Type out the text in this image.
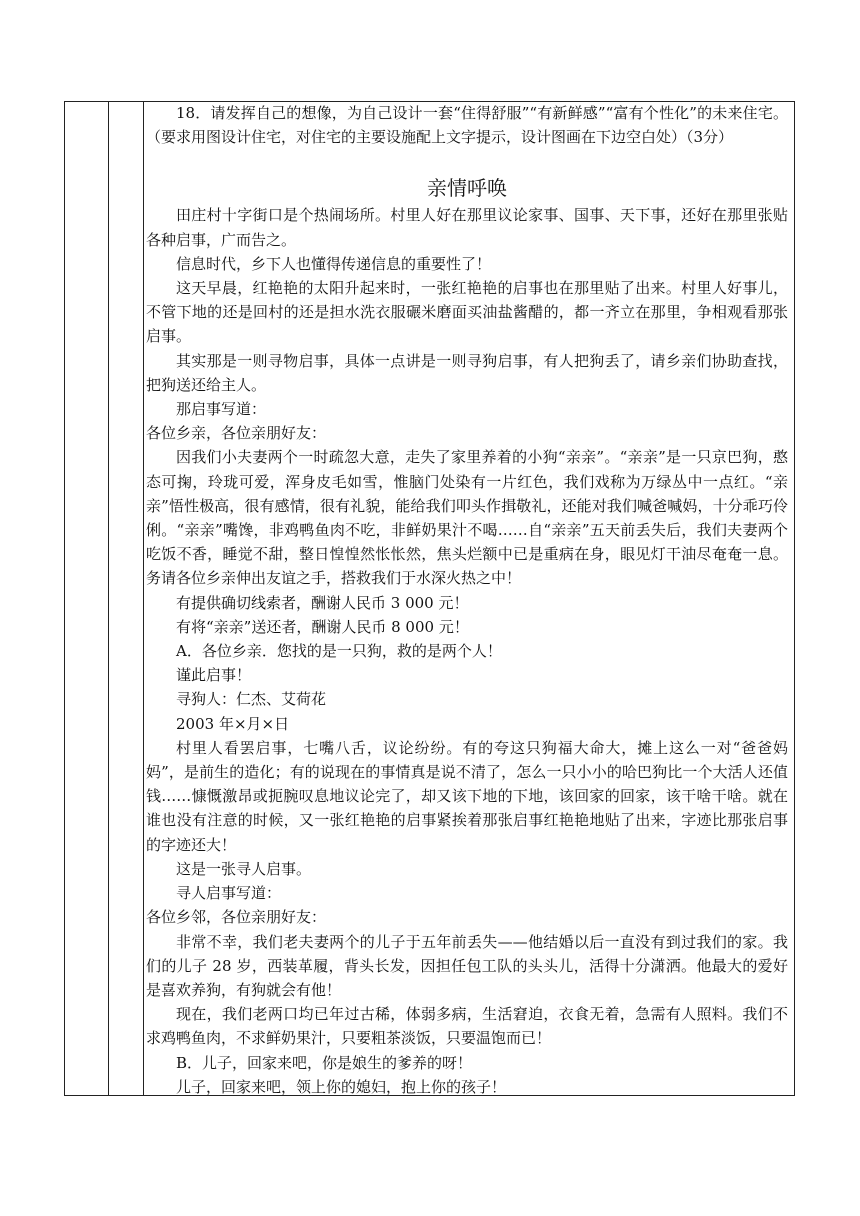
18．请发挥自己的想像，为自己设计一套“住得舒服”“有新鲜感”“富有个性化”的未来住宅。（要求用图设计住宅，对住宅的主要设施配上文字提示，设计图画在下边空白处）（3分）

亲情呼唤

田庄村十字街口是个热闹场所。村里人好在那里议论家事、国事、天下事，还好在那里张贴各种启事，广而告之。

信息时代，乡下人也懂得传递信息的重要性了！

这天早晨，红艳艳的太阳升起来时，一张红艳艳的启事也在那里贴了出来。村里人好事儿，不管下地的还是回村的还是担水洗衣服碾米磨面买油盐酱醋的，都一齐立在那里，争相观看那张启事。

其实那是一则寻物启事，具体一点讲是一则寻狗启事，有人把狗丢了，请乡亲们协助查找，把狗送还给主人。

那启事写道：

各位乡亲，各位亲朋好友：

因我们小夫妻两个一时疏忽大意，走失了家里养着的小狗“亲亲”。“亲亲”是一只京巴狗，憨态可掬，玲珑可爱，浑身皮毛如雪，惟脑门处染有一片红色，我们戏称为万绿丛中一点红。“亲亲”悟性极高，很有感情，很有礼貌，能给我们叩头作揖敬礼，还能对我们喊爸喊妈，十分乖巧伶俐。“亲亲”嘴馋，非鸡鸭鱼肉不吃，非鲜奶果汁不喝……自“亲亲”五天前丢失后，我们夫妻两个吃饭不香，睡觉不甜，整日惶惶然怅怅然，焦头烂额中已是重病在身，眼见灯干油尽奄奄一息。务请各位乡亲伸出友谊之手，搭救我们于水深火热之中！

有提供确切线索者，酬谢人民币 3 000 元！

有将“亲亲”送还者，酬谢人民币 8 000 元！

A．各位乡亲．您找的是一只狗，救的是两个人！

谨此启事！

寻狗人：仁杰、艾荷花

2003 年×月×日

村里人看罢启事，七嘴八舌，议论纷纷。有的夸这只狗福大命大，摊上这么一对“爸爸妈妈”，是前生的造化；有的说现在的事情真是说不清了，怎么一只小小的哈巴狗比一个大活人还值钱……慷慨激昂或扼腕叹息地议论完了，却又该下地的下地，该回家的回家，该干啥干啥。就在谁也没有注意的时候，又一张红艳艳的启事紧挨着那张启事红艳艳地贴了出来，字迹比那张启事的字迹还大！

这是一张寻人启事。

寻人启事写道：

各位乡邻，各位亲朋好友：

非常不幸，我们老夫妻两个的儿子于五年前丢失——他结婚以后一直没有到过我们的家。我们的儿子 28 岁，西装革履，背头长发，因担任包工队的头头儿，活得十分潇洒。他最大的爱好是喜欢养狗，有狗就会有他！

现在，我们老两口均已年过古稀，体弱多病，生活窘迫，衣食无着，急需有人照料。我们不求鸡鸭鱼肉，不求鲜奶果汁，只要粗茶淡饭，只要温饱而已！

B．儿子，回家来吧，你是娘生的爹养的呀！

儿子，回家来吧，领上你的媳妇，抱上你的孩子！
